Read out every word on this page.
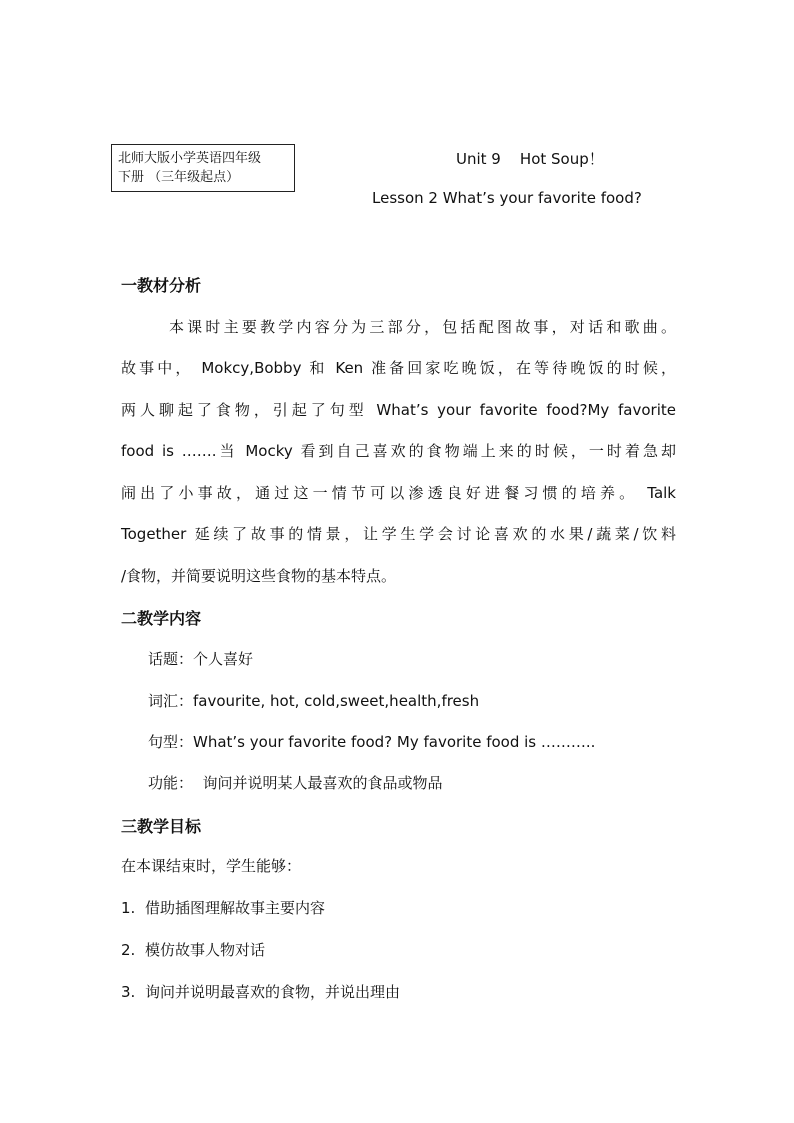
北师大版小学英语四年级
下册 （三年级起点）
Unit 9    Hot Soup！
Lesson 2 What’s your favorite food?
一教材分析
本课时主要教学内容分为三部分，包括配图故事，对话和歌曲。
故事中， Mokcy,Bobby 和 Ken 准备回家吃晚饭，在等待晚饭的时候，
两人聊起了食物，引起了句型 What’s your favorite food?My favorite
food is …….当 Mocky 看到自己喜欢的食物端上来的时候，一时着急却
闹出了小事故，通过这一情节可以渗透良好进餐习惯的培养。 Talk
Together 延续了故事的情景，让学生学会讨论喜欢的水果/蔬菜/饮料
/食物，并简要说明这些食物的基本特点。
二教学内容
话题：个人喜好
词汇：favourite, hot, cold,sweet,health,fresh
句型：What’s your favorite food? My favorite food is ………..
功能：  询问并说明某人最喜欢的食品或物品
三教学目标
在本课结束时，学生能够：
1. 借助插图理解故事主要内容
2. 模仿故事人物对话
3. 询问并说明最喜欢的食物，并说出理由
